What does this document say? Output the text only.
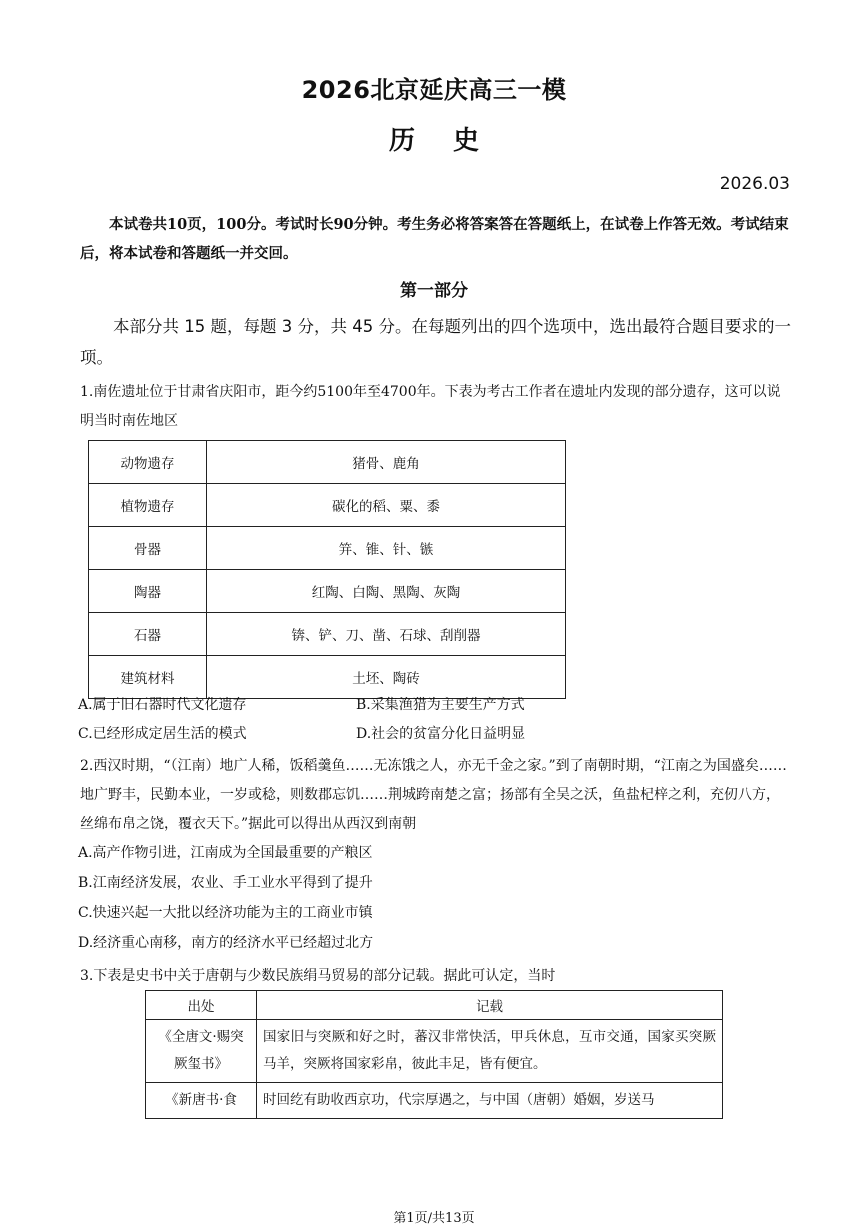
2026北京延庆高三一模
历史
2026.03
本试卷共10页，100分。考试时长90分钟。考生务必将答案答在答题纸上，在试卷上作答无效。考试结束后，将本试卷和答题纸一并交回。
第一部分
本部分共 15 题，每题 3 分，共 45 分。在每题列出的四个选项中，选出最符合题目要求的一项。
1.南佐遗址位于甘肃省庆阳市，距今约5100年至4700年。下表为考古工作者在遗址内发现的部分遗存，这可以说明当时南佐地区
动物遗存	猪骨、鹿角
植物遗存	碳化的稻、粟、黍
骨器	笄、锥、针、镞
陶器	红陶、白陶、黑陶、灰陶
石器	锛、铲、刀、凿、石球、刮削器
建筑材料	土坯、陶砖
A.属于旧石器时代文化遗存	B.采集渔猎为主要生产方式
C.已经形成定居生活的模式	D.社会的贫富分化日益明显
2.西汉时期，“（江南）地广人稀，饭稻羹鱼……无冻饿之人，亦无千金之家。”到了南朝时期，“江南之为国盛矣……地广野丰，民勤本业，一岁或稔，则数郡忘饥……荆城跨南楚之富；扬部有全吴之沃，鱼盐杞梓之利，充仞八方，丝绵布帛之饶，覆衣天下。”据此可以得出从西汉到南朝
A.高产作物引进，江南成为全国最重要的产粮区
B.江南经济发展，农业、手工业水平得到了提升
C.快速兴起一大批以经济功能为主的工商业市镇
D.经济重心南移，南方的经济水平已经超过北方
3.下表是史书中关于唐朝与少数民族绢马贸易的部分记载。据此可认定，当时
出处	记载
《全唐文·赐突厥玺书》	国家旧与突厥和好之时，蕃汉非常快活，甲兵休息，互市交通，国家买突厥马羊，突厥将国家彩帛，彼此丰足，皆有便宜。
《新唐书·食	时回纥有助收西京功，代宗厚遇之，与中国（唐朝）婚姻，岁送马
第1页/共13页
